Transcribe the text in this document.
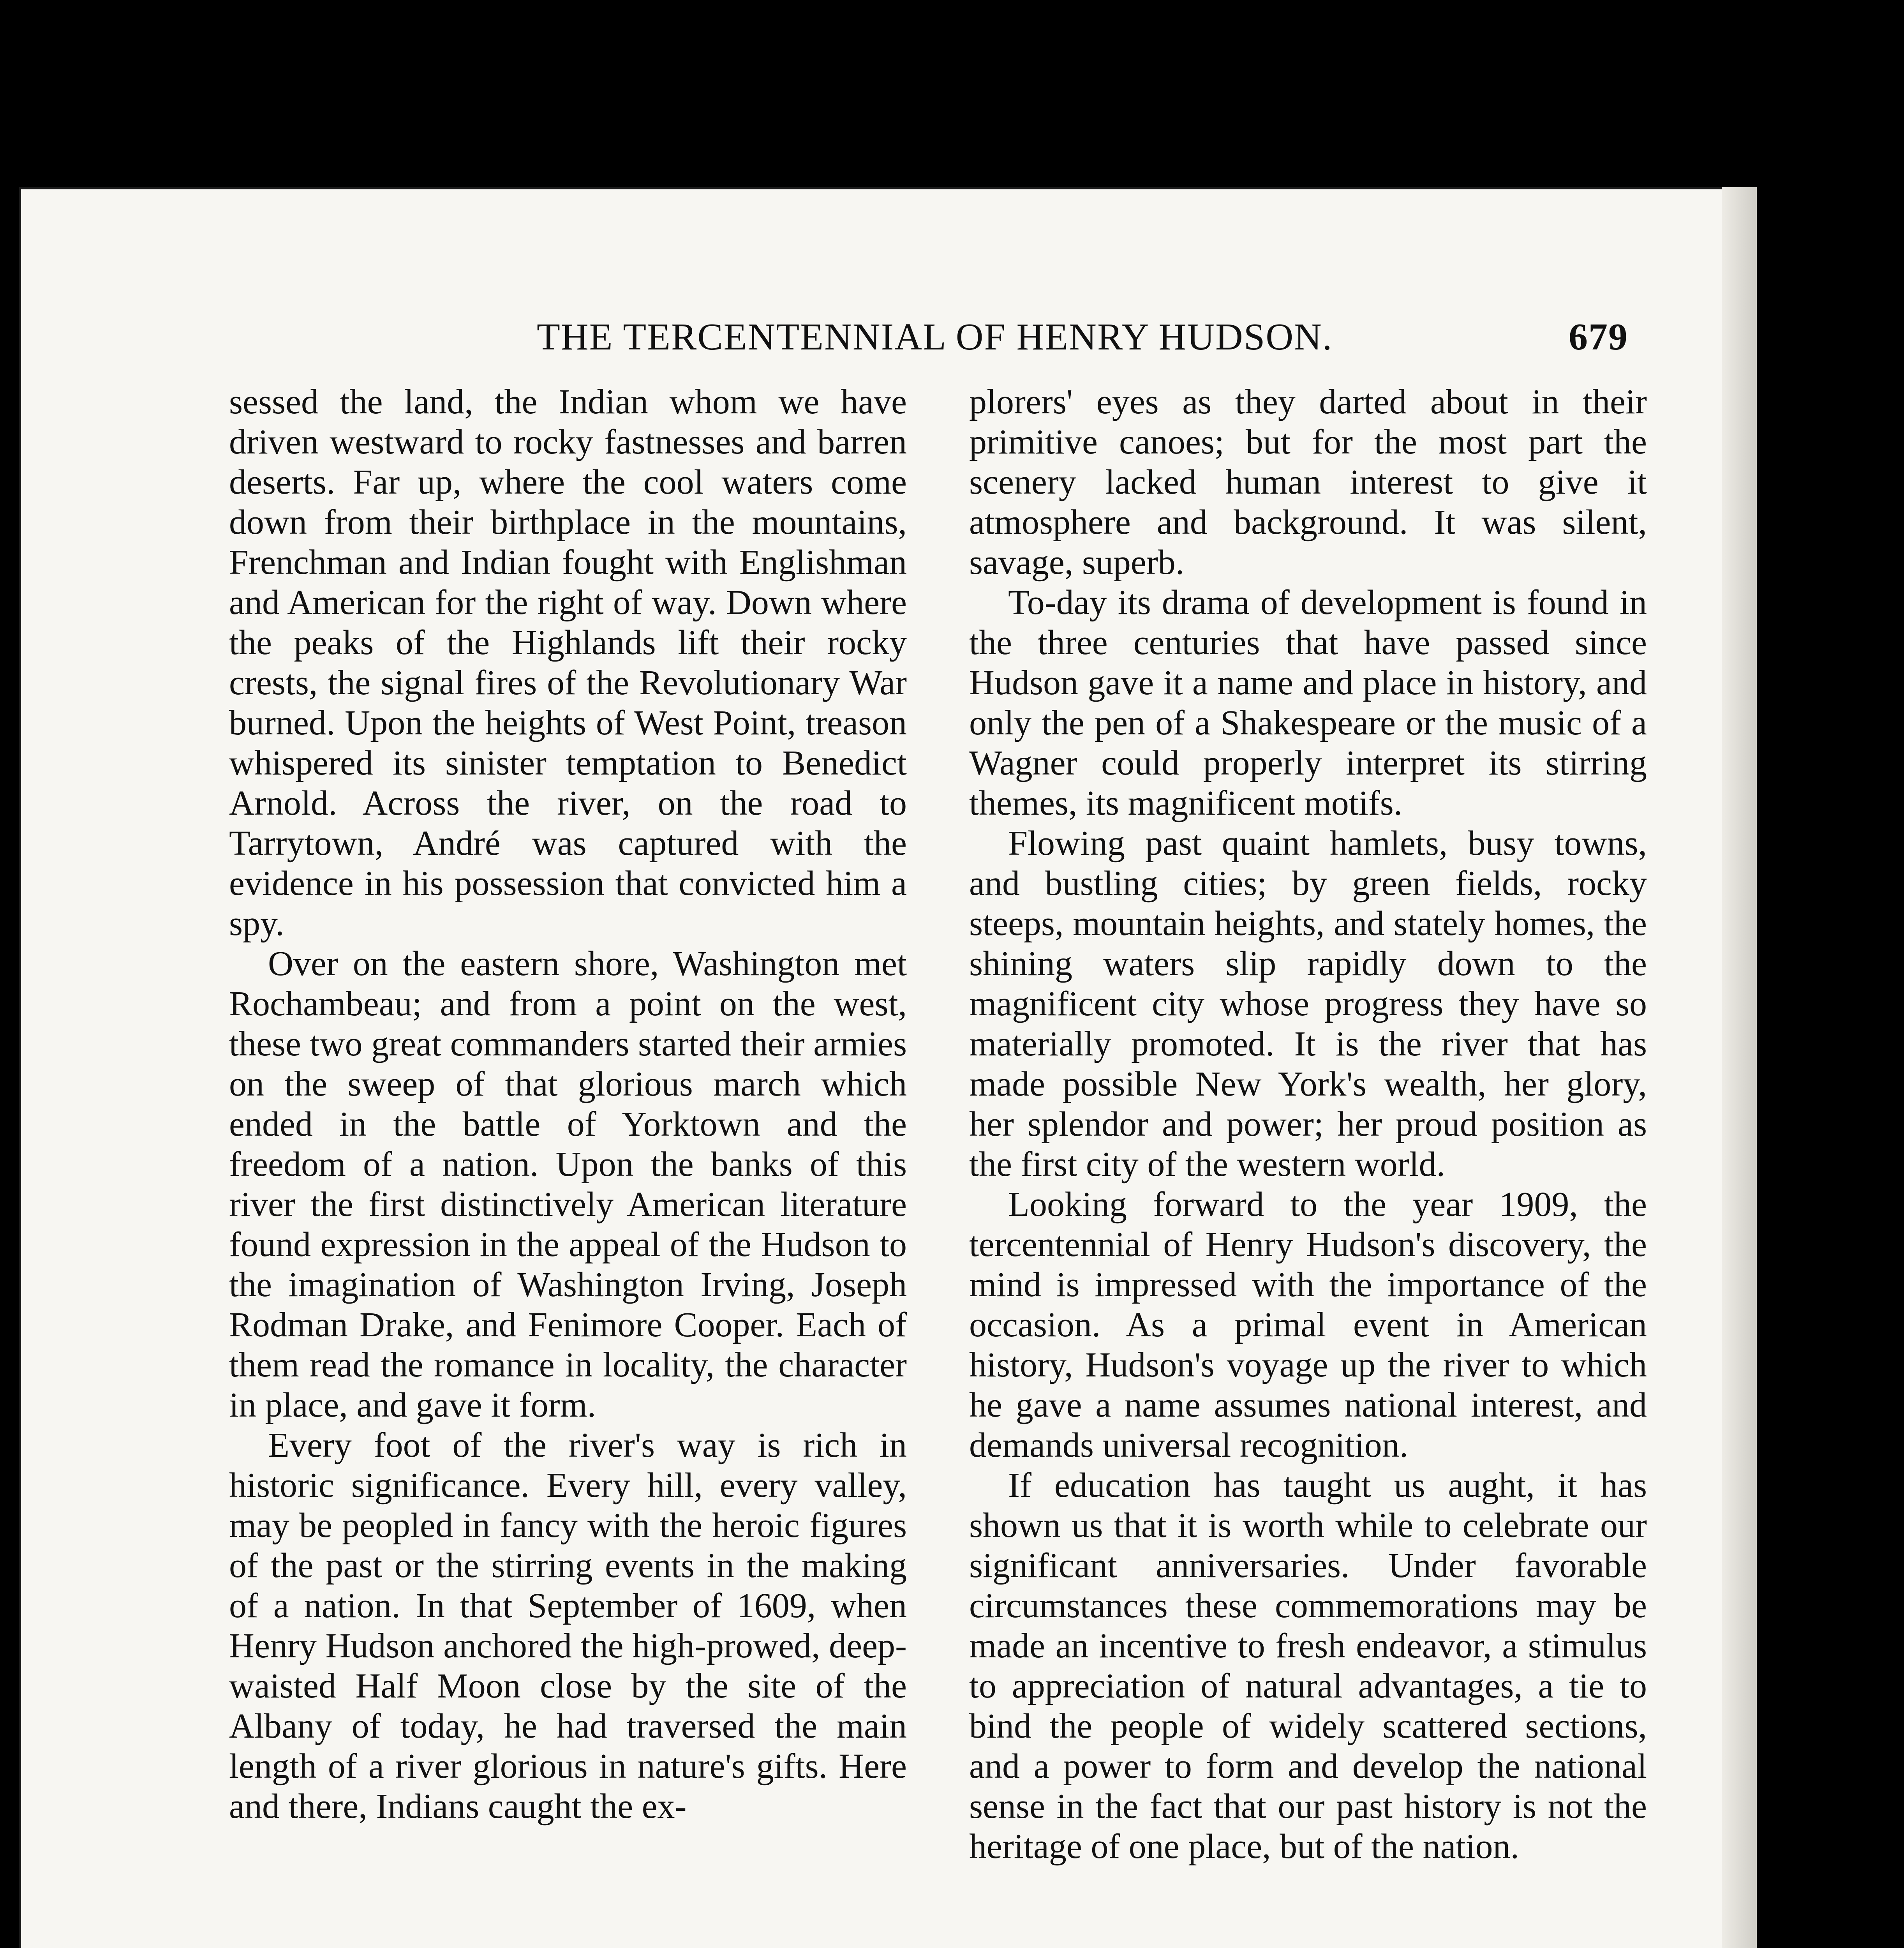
THE TERCENTENNIAL OF HENRY HUDSON.	679

sessed the land, the Indian whom we have driven westward to rocky fastnesses and barren deserts. Far up, where the cool waters come down from their birthplace in the mountains, Frenchman and Indian fought with Englishman and American for the right of way. Down where the peaks of the Highlands lift their rocky crests, the signal fires of the Revolutionary War burned. Upon the heights of West Point, treason whispered its sinister temptation to Benedict Arnold. Across the river, on the road to Tarrytown, André was captured with the evidence in his possession that convicted him a spy.

Over on the eastern shore, Washington met Rochambeau; and from a point on the west, these two great commanders started their armies on the sweep of that glorious march which ended in the battle of Yorktown and the freedom of a nation. Upon the banks of this river the first distinctively American literature found expression in the appeal of the Hudson to the imagination of Washington Irving, Joseph Rodman Drake, and Fenimore Cooper. Each of them read the romance in locality, the character in place, and gave it form.

Every foot of the river's way is rich in historic significance. Every hill, every valley, may be peopled in fancy with the heroic figures of the past or the stirring events in the making of a nation. In that September of 1609, when Henry Hudson anchored the high-prowed, deep-waisted Half Moon close by the site of the Albany of today, he had traversed the main length of a river glorious in nature's gifts. Here and there, Indians caught the ex-

plorers' eyes as they darted about in their primitive canoes; but for the most part the scenery lacked human interest to give it atmosphere and background. It was silent, savage, superb.

To-day its drama of development is found in the three centuries that have passed since Hudson gave it a name and place in history, and only the pen of a Shakespeare or the music of a Wagner could properly interpret its stirring themes, its magnificent motifs.

Flowing past quaint hamlets, busy towns, and bustling cities; by green fields, rocky steeps, mountain heights, and stately homes, the shining waters slip rapidly down to the magnificent city whose progress they have so materially promoted. It is the river that has made possible New York's wealth, her glory, her splendor and power; her proud position as the first city of the western world.

Looking forward to the year 1909, the tercentennial of Henry Hudson's discovery, the mind is impressed with the importance of the occasion. As a primal event in American history, Hudson's voyage up the river to which he gave a name assumes national interest, and demands universal recognition.

If education has taught us aught, it has shown us that it is worth while to celebrate our significant anniversaries. Under favorable circumstances these commemorations may be made an incentive to fresh endeavor, a stimulus to appreciation of natural advantages, a tie to bind the people of widely scattered sections, and a power to form and develop the national sense in the fact that our past history is not the heritage of one place, but of the nation.
